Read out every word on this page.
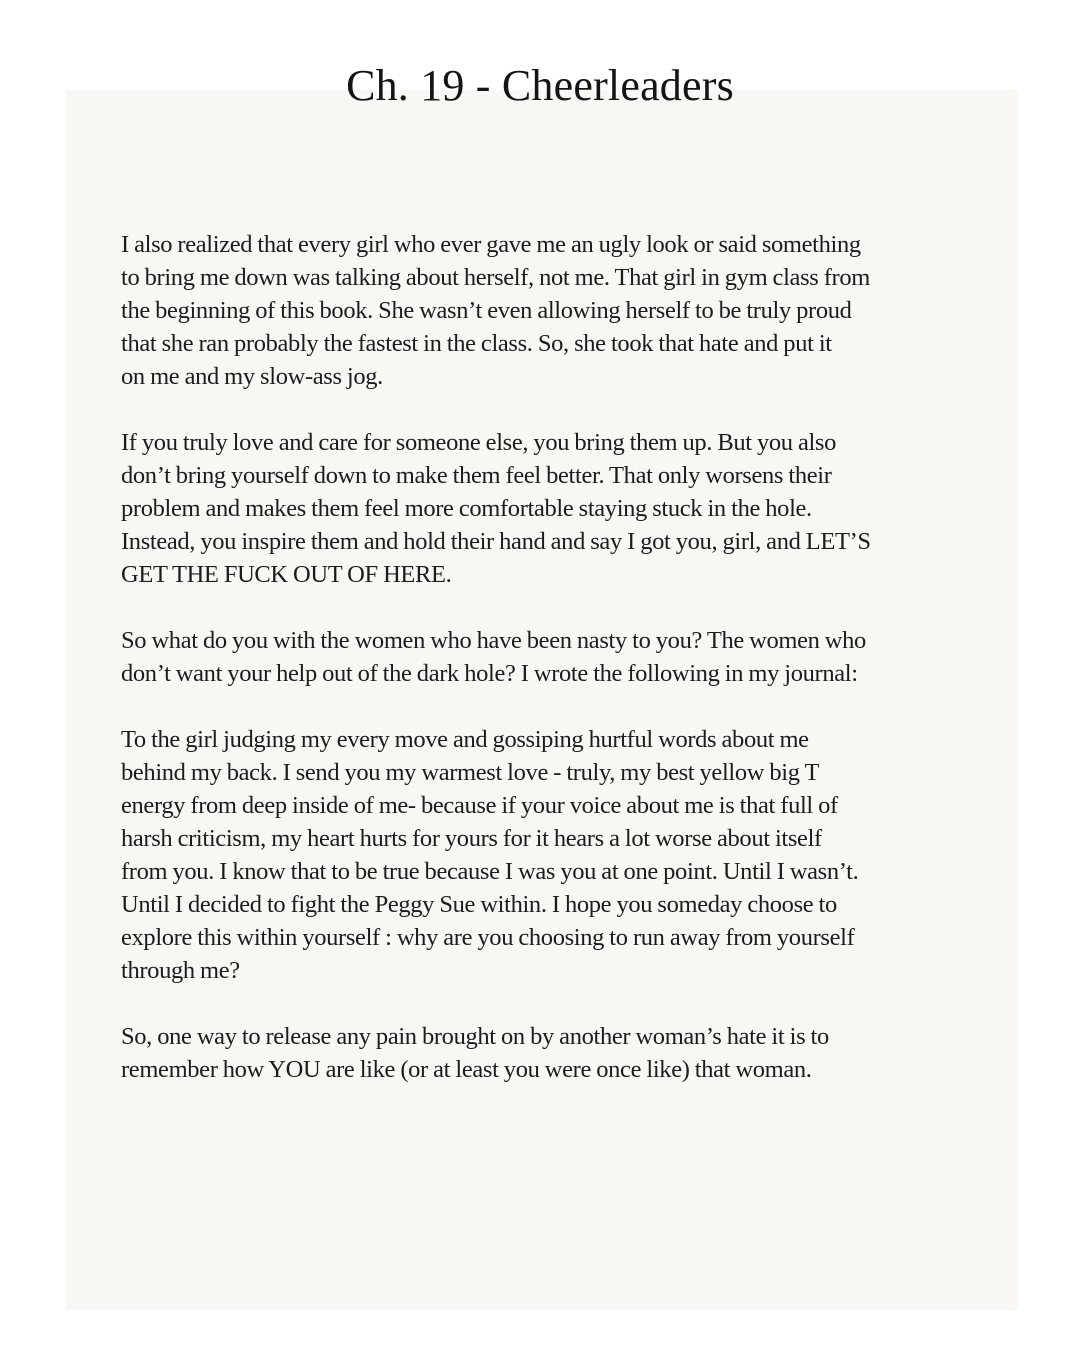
Ch. 19 - Cheerleaders

I also realized that every girl who ever gave me an ugly look or said something
to bring me down was talking about herself, not me. That girl in gym class from
the beginning of this book. She wasn’t even allowing herself to be truly proud
that she ran probably the fastest in the class. So, she took that hate and put it
on me and my slow-ass jog.

If you truly love and care for someone else, you bring them up. But you also
don’t bring yourself down to make them feel better. That only worsens their
problem and makes them feel more comfortable staying stuck in the hole.
Instead, you inspire them and hold their hand and say I got you, girl, and LET’S
GET THE FUCK OUT OF HERE.

So what do you with the women who have been nasty to you? The women who
don’t want your help out of the dark hole? I wrote the following in my journal:

To the girl judging my every move and gossiping hurtful words about me
behind my back. I send you my warmest love - truly, my best yellow big T
energy from deep inside of me- because if your voice about me is that full of
harsh criticism, my heart hurts for yours for it hears a lot worse about itself
from you. I know that to be true because I was you at one point. Until I wasn’t.
Until I decided to fight the Peggy Sue within. I hope you someday choose to
explore this within yourself : why are you choosing to run away from yourself
through me?

So, one way to release any pain brought on by another woman’s hate it is to
remember how YOU are like (or at least you were once like) that woman.
